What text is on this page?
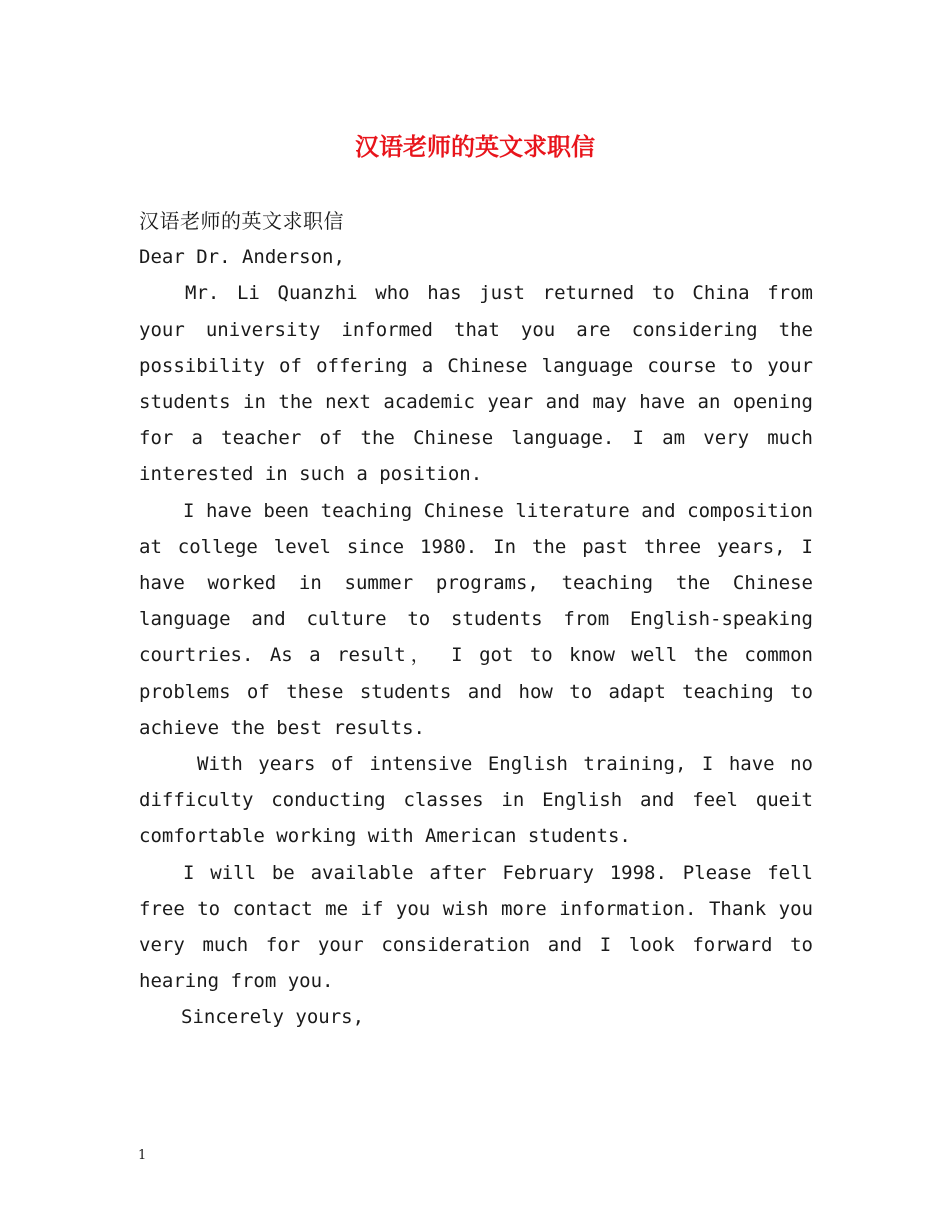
汉语老师的英文求职信

汉语老师的英文求职信

Dear Dr. Anderson,

Mr. Li Quanzhi who has just returned to China from your university informed that you are considering the possibility of offering a Chinese language course to your students in the next academic year and may have an opening for a teacher of the Chinese language. I am very much interested in such a position.

I have been teaching Chinese literature and composition at college level since 1980. In the past three years, I have worked in summer programs, teaching the Chinese language and culture to students from English-speaking courtries. As a result， I got to know well the common problems of these students and how to adapt teaching to achieve the best results.

With years of intensive English training, I have no difficulty conducting classes in English and feel queit comfortable working with American students.

I will be available after February 1998. Please fell free to contact me if you wish more information. Thank you very much for your consideration and I look forward to hearing from you.

Sincerely yours,

1
